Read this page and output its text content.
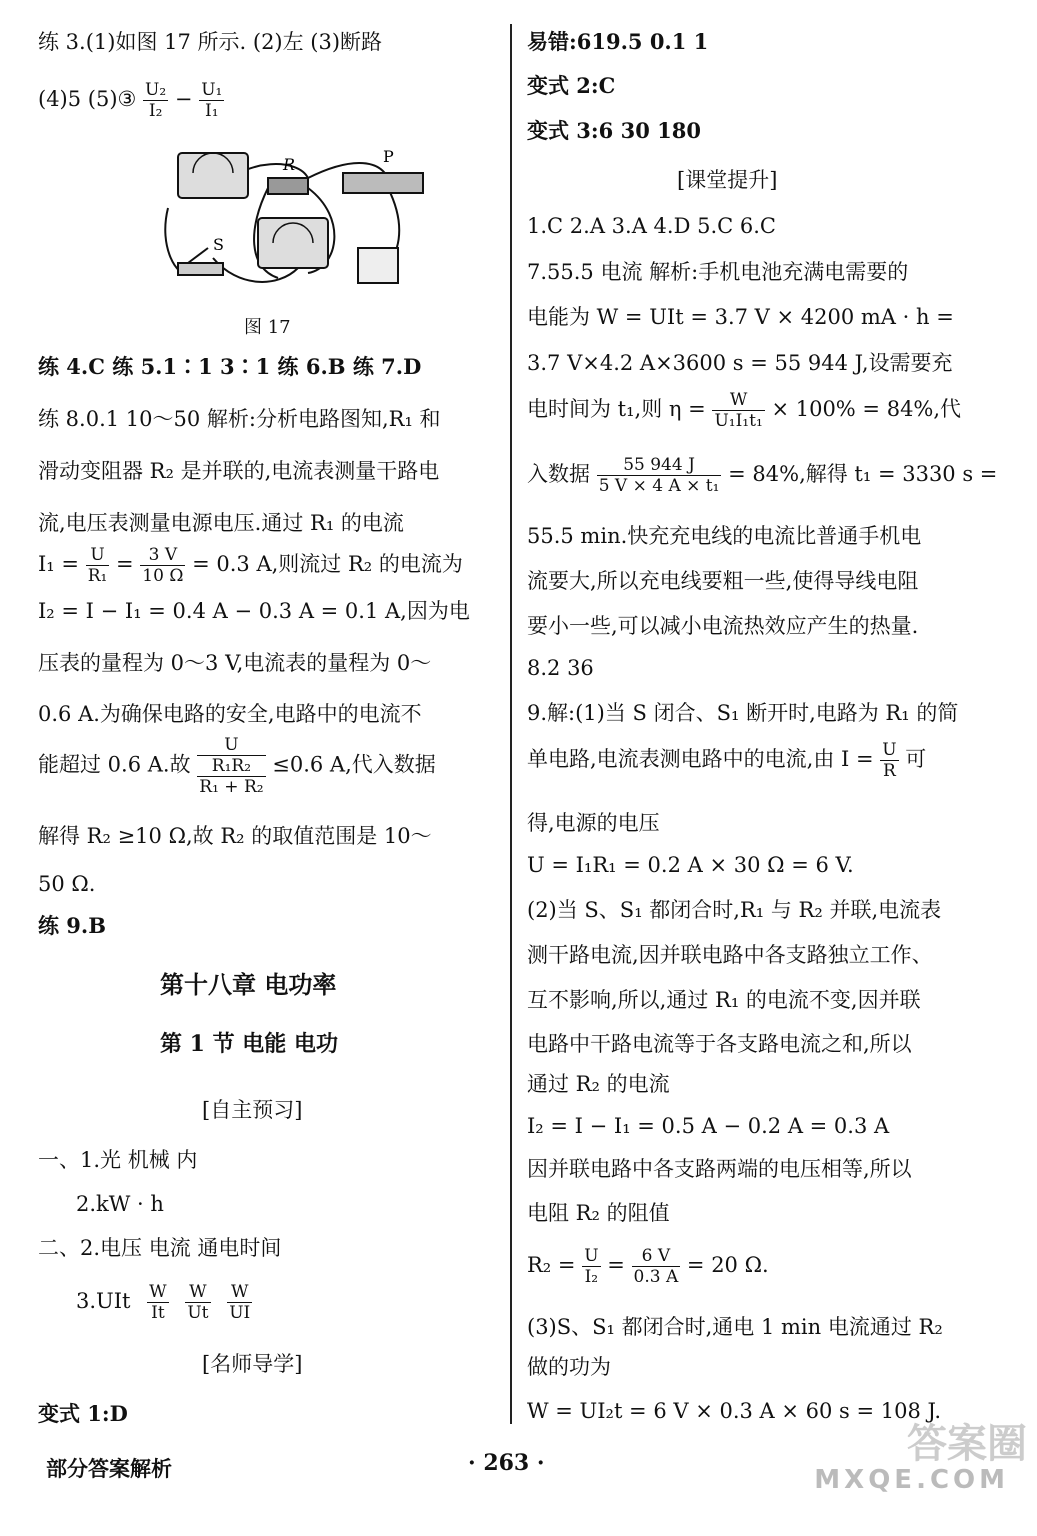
练 3.(1)如图 17 所示. (2)左 (3)断路
(4)5 (5)③ $\frac{\text{U₂}}{\text{I₂}} - \frac{\text{U₁}}{\text{I₁}}$
R	P
S
图 17
练 4.C 练 5.1∶1 3∶1 练 6.B 练 7.D
练 8.0.1 10～50 解析:分析电路图知,R₁ 和
滑动变阻器 R₂ 是并联的,电流表测量干路电
流,电压表测量电源电压.通过 R₁ 的电流
$I_1 = \frac{U}{\text{R₁}} = \frac{3 V}{10 \Omega} = 0.3$ A,则流过 R₂ 的电流为
I₂ = I − I₁ = 0.4 A − 0.3 A = 0.1 A,因为电
压表的量程为 0～3 V,电流表的量程为 0～
0.6 A.为确保电路的安全,电路中的电流不
能超过 0.6 A.故
U
R₁R₂
R₁ + R₂
≤0.6 A,代入数据
解得 R₂ ≥10 Ω,故 R₂ 的取值范围是 10～
50 Ω.
练 9.B
第十八章 电功率
第 1 节 电能 电功
[自主预习]
一、1.光 机械 内
2.kW · h
二、2.电压 电流 通电时间
$3.UIt \frac{W}{It}$
$\frac{W}{Ut}$
$\frac{W}{UI}$
[名师导学]
变式 1:D
易错:619.5 0.1 1
变式 2:C
变式 3:6 30 180
[课堂提升]
1.C 2.A 3.A 4.D 5.C 6.C
7.55.5 电流 解析:手机电池充满电需要的
电能为 W = UIt = 3.7 V × 4200 mA · h =
3.7 V×4.2 A×3600 s = 55 944 J,设需要充
电时间为 t₁,则 $\eta = \frac{W}{\text{U₁I₁t₁}} \times 100\% = 84\%$,代
入数据 $\frac{55 944 J}{\text{5 V × 4 A × t₁}} = 84\%$,解得 t₁ = 3330 s =
55.5 min.快充充电线的电流比普通手机电
流要大,所以充电线要粗一些,使得导线电阻
要小一些,可以减小电流热效应产生的热量.
8.2 36
9.解:(1)当 S 闭合、S₁ 断开时,电路为 R₁ 的简
单电路,电流表测电路中的电流,由 $I = \frac{U}{R}$ 可
得,电源的电压
U = I₁R₁ = 0.2 A × 30 Ω = 6 V.
(2)当 S、S₁ 都闭合时,R₁ 与 R₂ 并联,电流表
测干路电流,因并联电路中各支路独立工作、
互不影响,所以,通过 R₁ 的电流不变,因并联
电路中干路电流等于各支路电流之和,所以
通过 R₂ 的电流
I₂ = I − I₁ = 0.5 A − 0.2 A = 0.3 A
因并联电路中各支路两端的电压相等,所以
电阻 R₂ 的阻值
$R_2 = \frac{U}{\text{I₂}} = \frac{6 V}{0.3 A} = 20$ Ω.
(3)S、S₁ 都闭合时,通电 1 min 电流通过 R₂
做的功为
W = UI₂t = 6 V × 0.3 A × 60 s = 108 J.
部分答案解析	· 263 ·	答案圈
MXQE.COM
